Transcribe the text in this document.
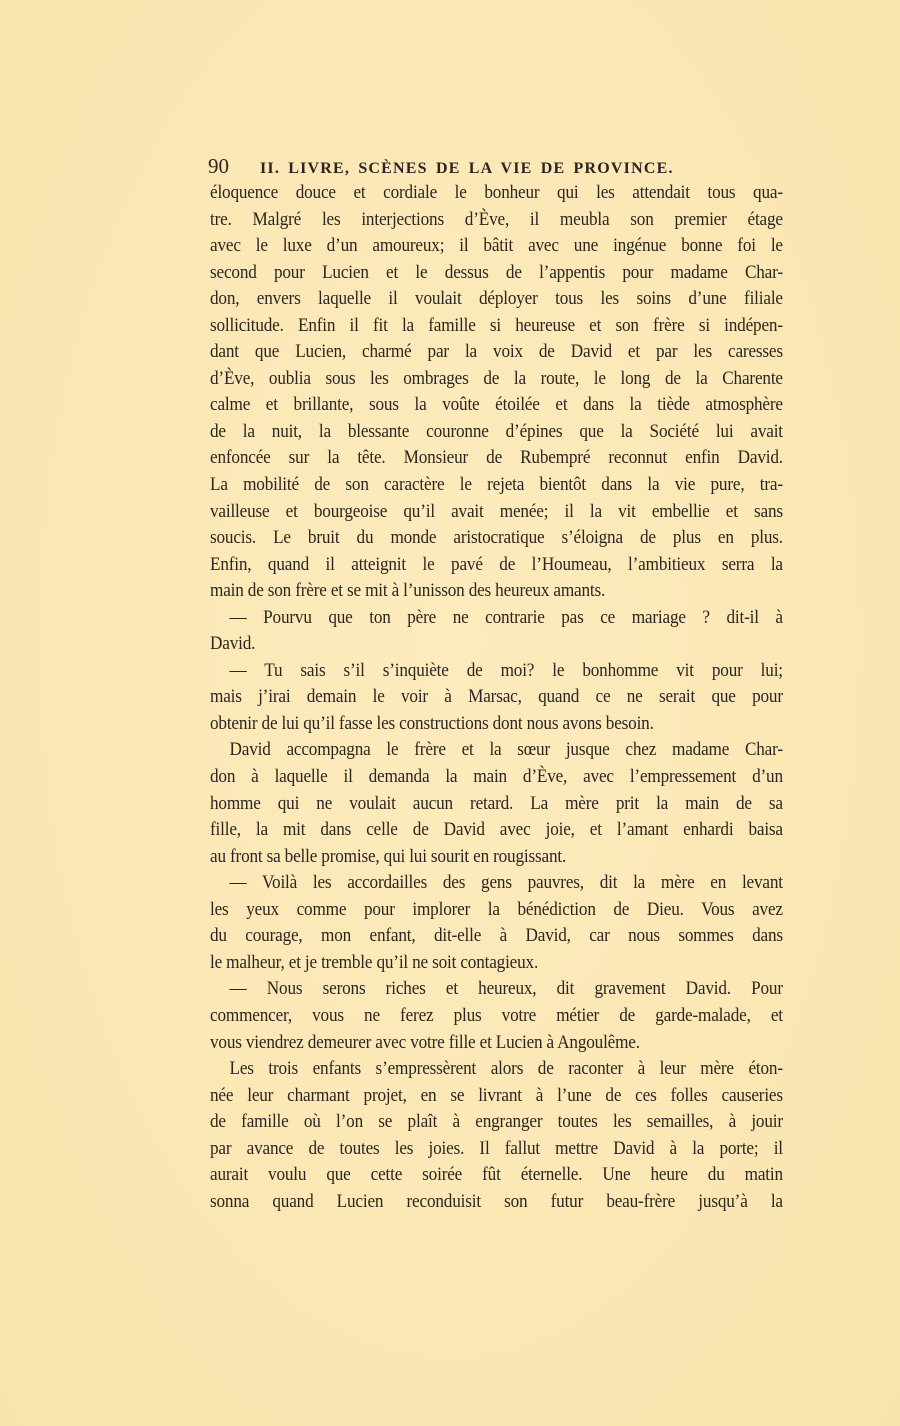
90	II. LIVRE, SCÈNES DE LA VIE DE PROVINCE.
éloquence douce et cordiale le bonheur qui les attendait tous qua-
tre. Malgré les interjections d’Ève, il meubla son premier étage
avec le luxe d’un amoureux; il bâtit avec une ingénue bonne foi le
second pour Lucien et le dessus de l’appentis pour madame Char-
don, envers laquelle il voulait déployer tous les soins d’une filiale
sollicitude. Enfin il fit la famille si heureuse et son frère si indépen-
dant que Lucien, charmé par la voix de David et par les caresses
d’Ève, oublia sous les ombrages de la route, le long de la Charente
calme et brillante, sous la voûte étoilée et dans la tiède atmosphère
de la nuit, la blessante couronne d’épines que la Société lui avait
enfoncée sur la tête. Monsieur de Rubempré reconnut enfin David.
La mobilité de son caractère le rejeta bientôt dans la vie pure, tra-
vailleuse et bourgeoise qu’il avait menée; il la vit embellie et sans
soucis. Le bruit du monde aristocratique s’éloigna de plus en plus.
Enfin, quand il atteignit le pavé de l’Houmeau, l’ambitieux serra la
main de son frère et se mit à l’unisson des heureux amants.
— Pourvu que ton père ne contrarie pas ce mariage ? dit-il à
David.
— Tu sais s’il s’inquiète de moi? le bonhomme vit pour lui;
mais j’irai demain le voir à Marsac, quand ce ne serait que pour
obtenir de lui qu’il fasse les constructions dont nous avons besoin.
David accompagna le frère et la sœur jusque chez madame Char-
don à laquelle il demanda la main d’Ève, avec l’empressement d’un
homme qui ne voulait aucun retard. La mère prit la main de sa
fille, la mit dans celle de David avec joie, et l’amant enhardi baisa
au front sa belle promise, qui lui sourit en rougissant.
— Voilà les accordailles des gens pauvres, dit la mère en levant
les yeux comme pour implorer la bénédiction de Dieu. Vous avez
du courage, mon enfant, dit-elle à David, car nous sommes dans
le malheur, et je tremble qu’il ne soit contagieux.
— Nous serons riches et heureux, dit gravement David. Pour
commencer, vous ne ferez plus votre métier de garde-malade, et
vous viendrez demeurer avec votre fille et Lucien à Angoulême.
Les trois enfants s’empressèrent alors de raconter à leur mère éton-
née leur charmant projet, en se livrant à l’une de ces folles causeries
de famille où l’on se plaît à engranger toutes les semailles, à jouir
par avance de toutes les joies. Il fallut mettre David à la porte; il
aurait voulu que cette soirée fût éternelle. Une heure du matin
sonna quand Lucien reconduisit son futur beau-frère jusqu’à la
